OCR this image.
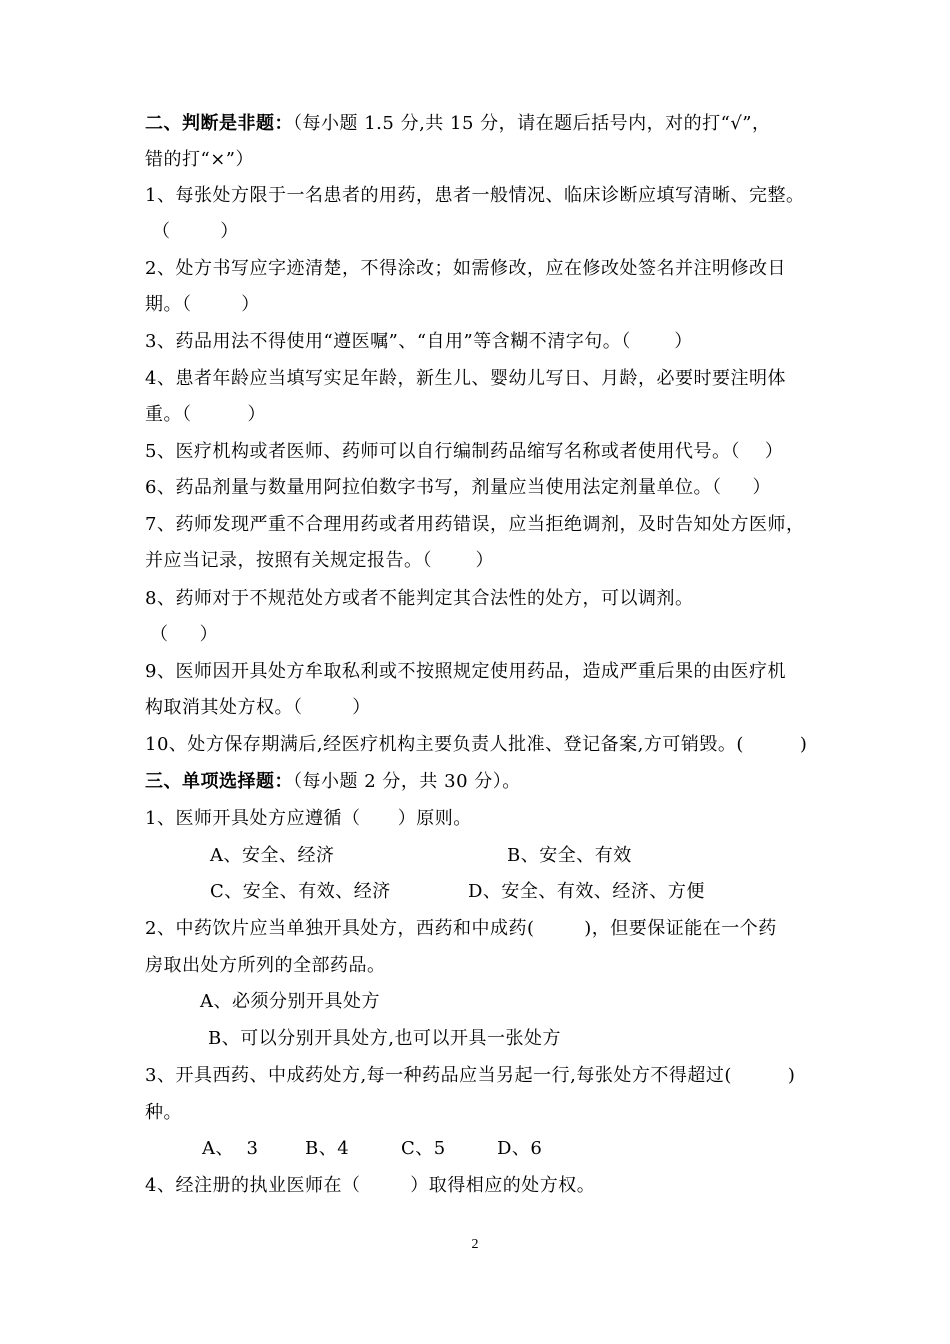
二、判断是非题：（每小题 1.5 分,共 15 分，请在题后括号内，对的打“√”，
错的打“×”）
1、每张处方限于一名患者的用药，患者一般情况、临床诊断应填写清晰、完整。
（        ）
2、处方书写应字迹清楚，不得涂改；如需修改，应在修改处签名并注明修改日
期。（        ）
3、药品用法不得使用“遵医嘱”、“自用”等含糊不清字句。（       ）
4、患者年龄应当填写实足年龄，新生儿、婴幼儿写日、月龄，必要时要注明体
重。（         ）
5、医疗机构或者医师、药师可以自行编制药品缩写名称或者使用代号。（    ）
6、药品剂量与数量用阿拉伯数字书写，剂量应当使用法定剂量单位。（     ）
7、药师发现严重不合理用药或者用药错误，应当拒绝调剂，及时告知处方医师，
并应当记录，按照有关规定报告。（       ）
8、药师对于不规范处方或者不能判定其合法性的处方，可以调剂。
（     ）
9、医师因开具处方牟取私利或不按照规定使用药品，造成严重后果的由医疗机
构取消其处方权。（        ）
10、处方保存期满后,经医疗机构主要负责人批准、登记备案,方可销毁。(         )
三、单项选择题：（每小题 2 分，共 30 分）。
1、医师开具处方应遵循（      ）原则。
A、安全、经济	B、安全、有效
C、安全、有效、经济	D、安全、有效、经济、方便
2、中药饮片应当单独开具处方，西药和中成药(        )，但要保证能在一个药
房取出处方所列的全部药品。
A、必须分别开具处方
B、可以分别开具处方,也可以开具一张处方
3、开具西药、中成药处方,每一种药品应当另起一行,每张处方不得超过(         )
种。
A、  3	B、4	C、5	D、6
4、经注册的执业医师在（        ）取得相应的处方权。
2
